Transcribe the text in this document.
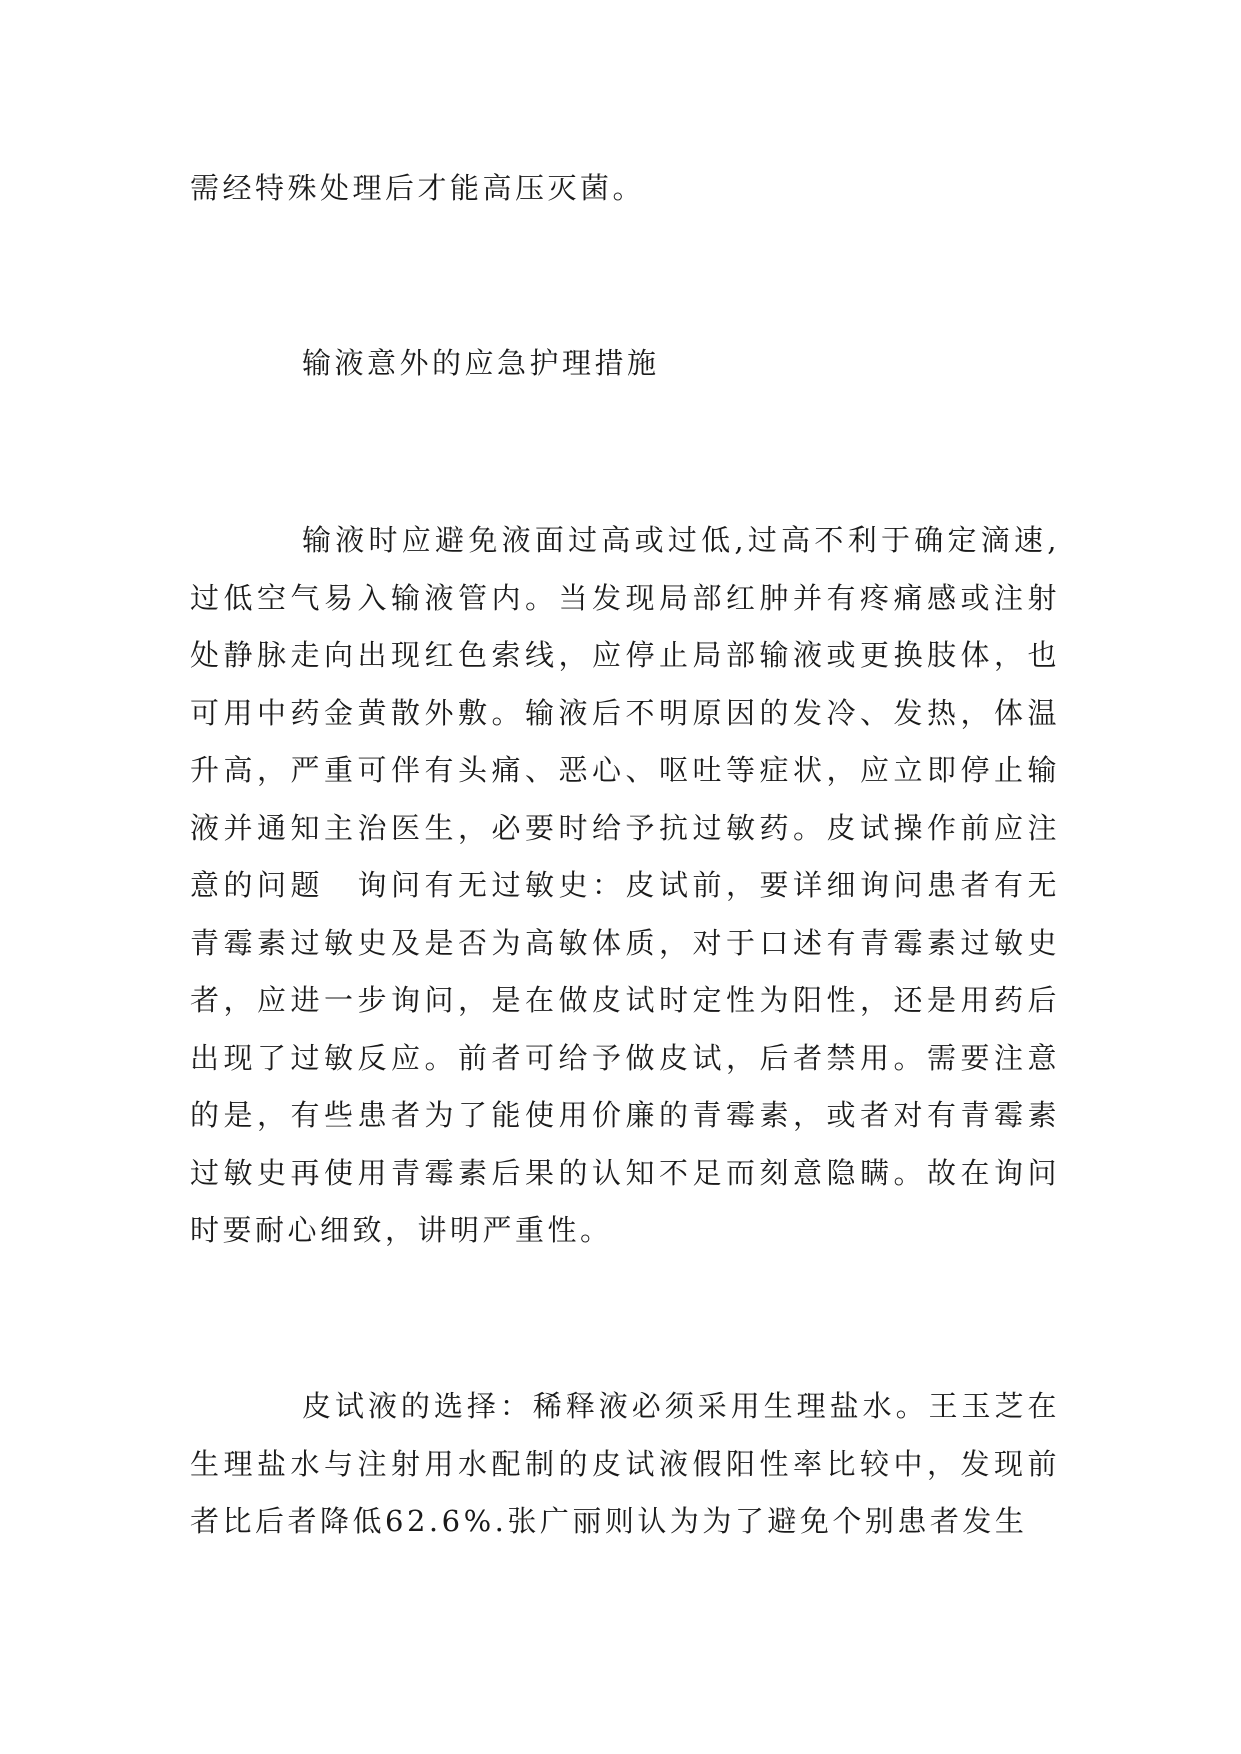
需经特殊处理后才能高压灭菌。

输液意外的应急护理措施

输液时应避免液面过高或过低,过高不利于确定滴速,过低空气易入输液管内。当发现局部红肿并有疼痛感或注射处静脉走向出现红色索线，应停止局部输液或更换肢体，也可用中药金黄散外敷。输液后不明原因的发冷、发热，体温升高，严重可伴有头痛、恶心、呕吐等症状，应立即停止输液并通知主治医生，必要时给予抗过敏药。皮试操作前应注意的问题　询问有无过敏史：皮试前，要详细询问患者有无青霉素过敏史及是否为高敏体质，对于口述有青霉素过敏史者，应进一步询问，是在做皮试时定性为阳性，还是用药后出现了过敏反应。前者可给予做皮试，后者禁用。需要注意的是，有些患者为了能使用价廉的青霉素，或者对有青霉素过敏史再使用青霉素后果的认知不足而刻意隐瞒。故在询问时要耐心细致，讲明严重性。

皮试液的选择：稀释液必须采用生理盐水。王玉芝在生理盐水与注射用水配制的皮试液假阳性率比较中，发现前者比后者降低62.6%.张广丽则认为为了避免个别患者发生
